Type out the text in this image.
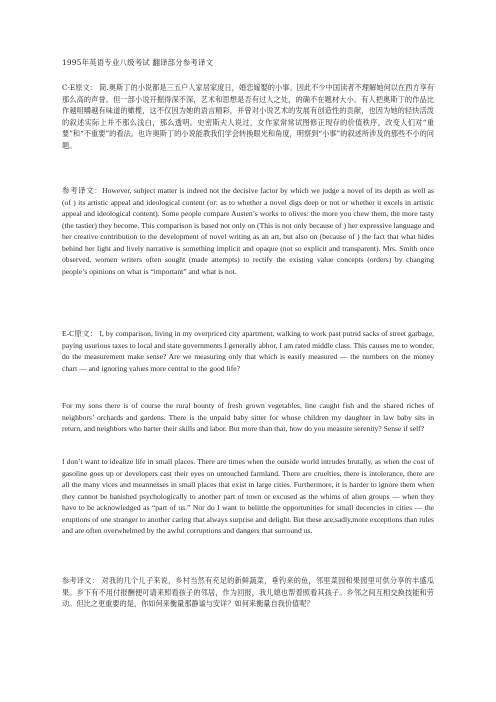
1995年英语专业八级考试 翻译部分参考译文

C-E原文： 简.奥斯丁的小说都是三五户人家居家度日，婚恋嫁娶的小事。因此不少中国读者不理解她何以在西方享有那么高的声誉。但一部小说开掘得深不深，艺术和思想是否有过人之处，的确不在题材大小。有人把奥斯丁的作品比作越咀嚼越有味道的橄榄，这不仅因为她的语言精彩，并曾对小说艺术的发展有创造性的贡献，也因为她的轻快活泼的叙述实际上并不那么浅白，那么透明。史密斯夫人说过，女作家常常试图修正现存的价值秩序，改变人们对“重要”和“不重要”的看法。也许奥斯丁的小说能教我们学会转换眼光和角度，明察到“小事”的叙述所涉及的那些不小的问题。

参考译文：However, subject matter is indeed not the decisive factor by which we judge a novel of its depth as well as (of ) its artistic appeal and ideological content (or: as to whether a novel digs deep or not or whether it excels in artistic appeal and ideological content). Some people compare Austen’s works to olives: the more you chew them, the more tasty (the tastier) they become. This comparison is based not only on (This is not only because of ) her expressive language and her creative contribution to the development of novel writing as an art, but also on (because of ) the fact that what hides behind her light and lively narrative is something implicit and opaque (not so explicit and transparent). Mrs. Smith once observed, women writers often sought (made attempts) to rectify the existing value concepts (orders) by changing people’s opinions on what is “important” and what is not.

E-C原文： I, by comparison, living in my overpriced city apartment, walking to work past putrid sacks of street garbage, paying usurious taxes to local and state governments I generally abhor, I am rated middle class. This causes me to wonder, do the measurement make sense? Are we measuring only that which is easily measured — the numbers on the money chart — and ignoring values more central to the good life?

For my sons there is of course the rural bounty of fresh grown vegetables, line caught fish and the shared riches of neighbors’ orchards and gardens. There is the unpaid baby sitter for whose children my daughter in law baby sits in return, and neighbors who barter their skills and labor. But more than that, how do you measure serenity? Sense if self?

I don’t want to idealize life in small places. There are times when the outside world intrudes brutally, as when the cost of gasoline goes up or developers cast their eyes on untouched farmland. There are cruelties, there is intolerance, there are all the many vices and meannesses in small places that exist in large cities. Furthermore, it is harder to ignore them when they cannot be banished psychologically to another part of town or excused as the whims of alien groups — when they have to be acknowledged as “part of us.” Nor do I want to belittle the opportunities for small decencies in cities — the eruptions of one stranger to another caring that always surprise and delight. But these are,sadly,more exceptions than rules and are often overwhelmed by the awful corruptions and dangers that surround us.

参考译文： 对我的几个儿子来说，乡村当然有充足的新鲜蔬菜，垂钓来的鱼，邻里菜园和果园里可供分享的丰盛瓜果。乡下有不用付报酬便可请来照看孩子的邻居，作为回报，我儿媳也帮着照看其孩子。乡邻之间互相交换技能和劳动。但比之更重要的是，你如何来衡量那静谧与安详？如何来衡量自我价值呢？
